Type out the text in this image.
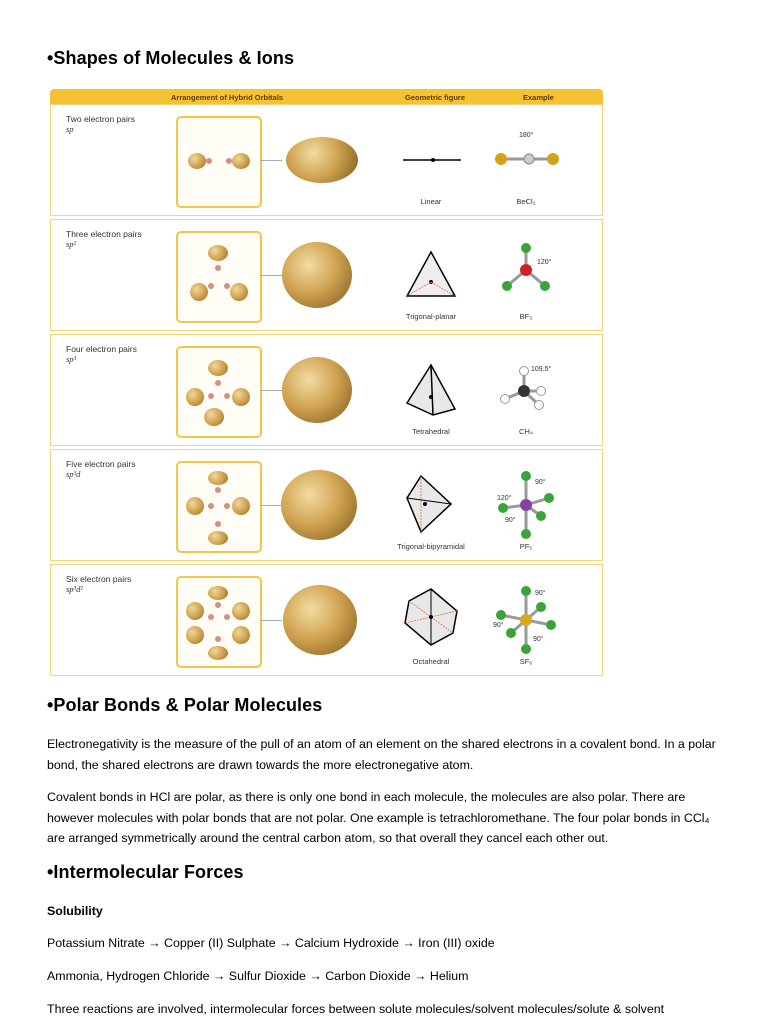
•Shapes of Molecules & Ions
Arrangement of Hybrid Orbitals	Geometric figure	Example
Two electron pairs
sp
Linear
180°
BeCl₂
Three electron pairs
sp²
Trigonal-planar
120°
BF₃
Four electron pairs
sp³
Tetrahedral
109.5°
CH₄
Five electron pairs
sp³d
Trigonal-bipyramidal
90°
120°
90°
PF₅
Six electron pairs
sp³d²
Octahedral
90°
90°
90°
SF₆
•Polar Bonds & Polar Molecules
Electronegativity is the measure of the pull of an atom of an element on the shared electrons in a covalent bond. In a polar bond, the shared electrons are drawn towards the more electronegative atom.
Covalent bonds in HCl are polar, as there is only one bond in each molecule, the molecules are also polar. There are however molecules with polar bonds that are not polar. One example is tetrachloromethane. The four polar bonds in CCl₄ are arranged symmetrically around the central carbon atom, so that overall they cancel each other out.
•Intermolecular Forces
Solubility
Potassium Nitrate → Copper (II) Sulphate → Calcium Hydroxide → Iron (III) oxide
Ammonia, Hydrogen Chloride → Sulfur Dioxide → Carbon Dioxide → Helium
Three reactions are involved, intermolecular forces between solute molecules/solvent molecules/solute & solvent
